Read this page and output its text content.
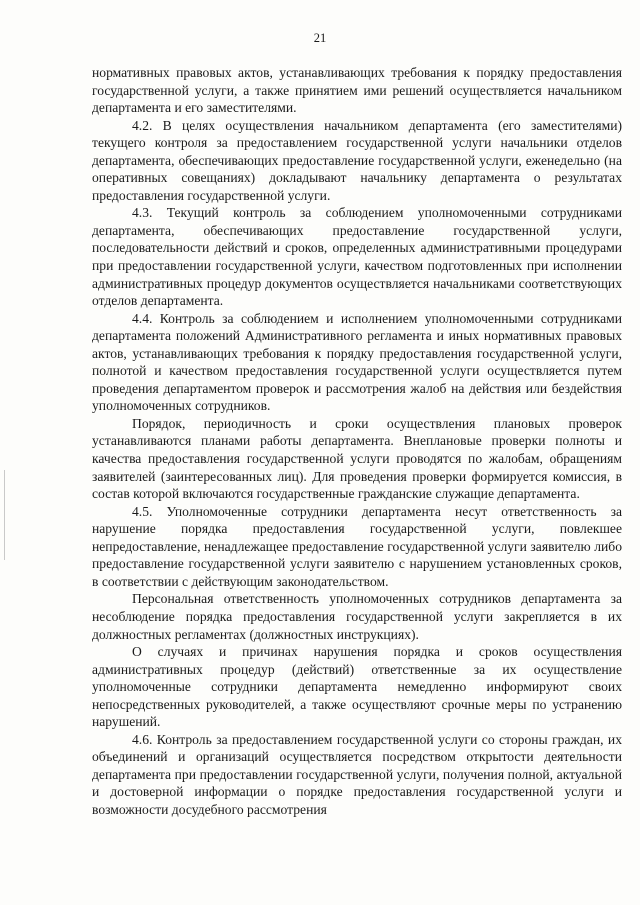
21

нормативных правовых актов, устанавливающих требования к порядку предоставления государственной услуги, а также принятием ими решений осуществляется начальником департамента и его заместителями.

4.2. В целях осуществления начальником департамента (его заместителями) текущего контроля за предоставлением государственной услуги начальники отделов департамента, обеспечивающих предоставление государственной услуги, еженедельно (на оперативных совещаниях) докладывают начальнику департамента о результатах предоставления государственной услуги.

4.3. Текущий контроль за соблюдением уполномоченными сотрудниками департамента, обеспечивающих предоставление государственной услуги, последовательности действий и сроков, определенных административными процедурами при предоставлении государственной услуги, качеством подготовленных при исполнении административных процедур документов осуществляется начальниками соответствующих отделов департамента.

4.4. Контроль за соблюдением и исполнением уполномоченными сотрудниками департамента положений Административного регламента и иных нормативных правовых актов, устанавливающих требования к порядку предоставления государственной услуги, полнотой и качеством предоставления государственной услуги осуществляется путем проведения департаментом проверок и рассмотрения жалоб на действия или бездействия уполномоченных сотрудников.

Порядок, периодичность и сроки осуществления плановых проверок устанавливаются планами работы департамента. Внеплановые проверки полноты и качества предоставления государственной услуги проводятся по жалобам, обращениям заявителей (заинтересованных лиц). Для проведения проверки формируется комиссия, в состав которой включаются государственные гражданские служащие департамента.

4.5. Уполномоченные сотрудники департамента несут ответственность за нарушение порядка предоставления государственной услуги, повлекшее непредоставление, ненадлежащее предоставление государственной услуги заявителю либо предоставление государственной услуги заявителю с нарушением установленных сроков, в соответствии с действующим законодательством.

Персональная ответственность уполномоченных сотрудников департамента за несоблюдение порядка предоставления государственной услуги закрепляется в их должностных регламентах (должностных инструкциях).

О случаях и причинах нарушения порядка и сроков осуществления административных процедур (действий) ответственные за их осуществление уполномоченные сотрудники департамента немедленно информируют своих непосредственных руководителей, а также осуществляют срочные меры по устранению нарушений.

4.6. Контроль за предоставлением государственной услуги со стороны граждан, их объединений и организаций осуществляется посредством открытости деятельности департамента при предоставлении государственной услуги, получения полной, актуальной и достоверной информации о порядке предоставления государственной услуги и возможности досудебного рассмотрения
